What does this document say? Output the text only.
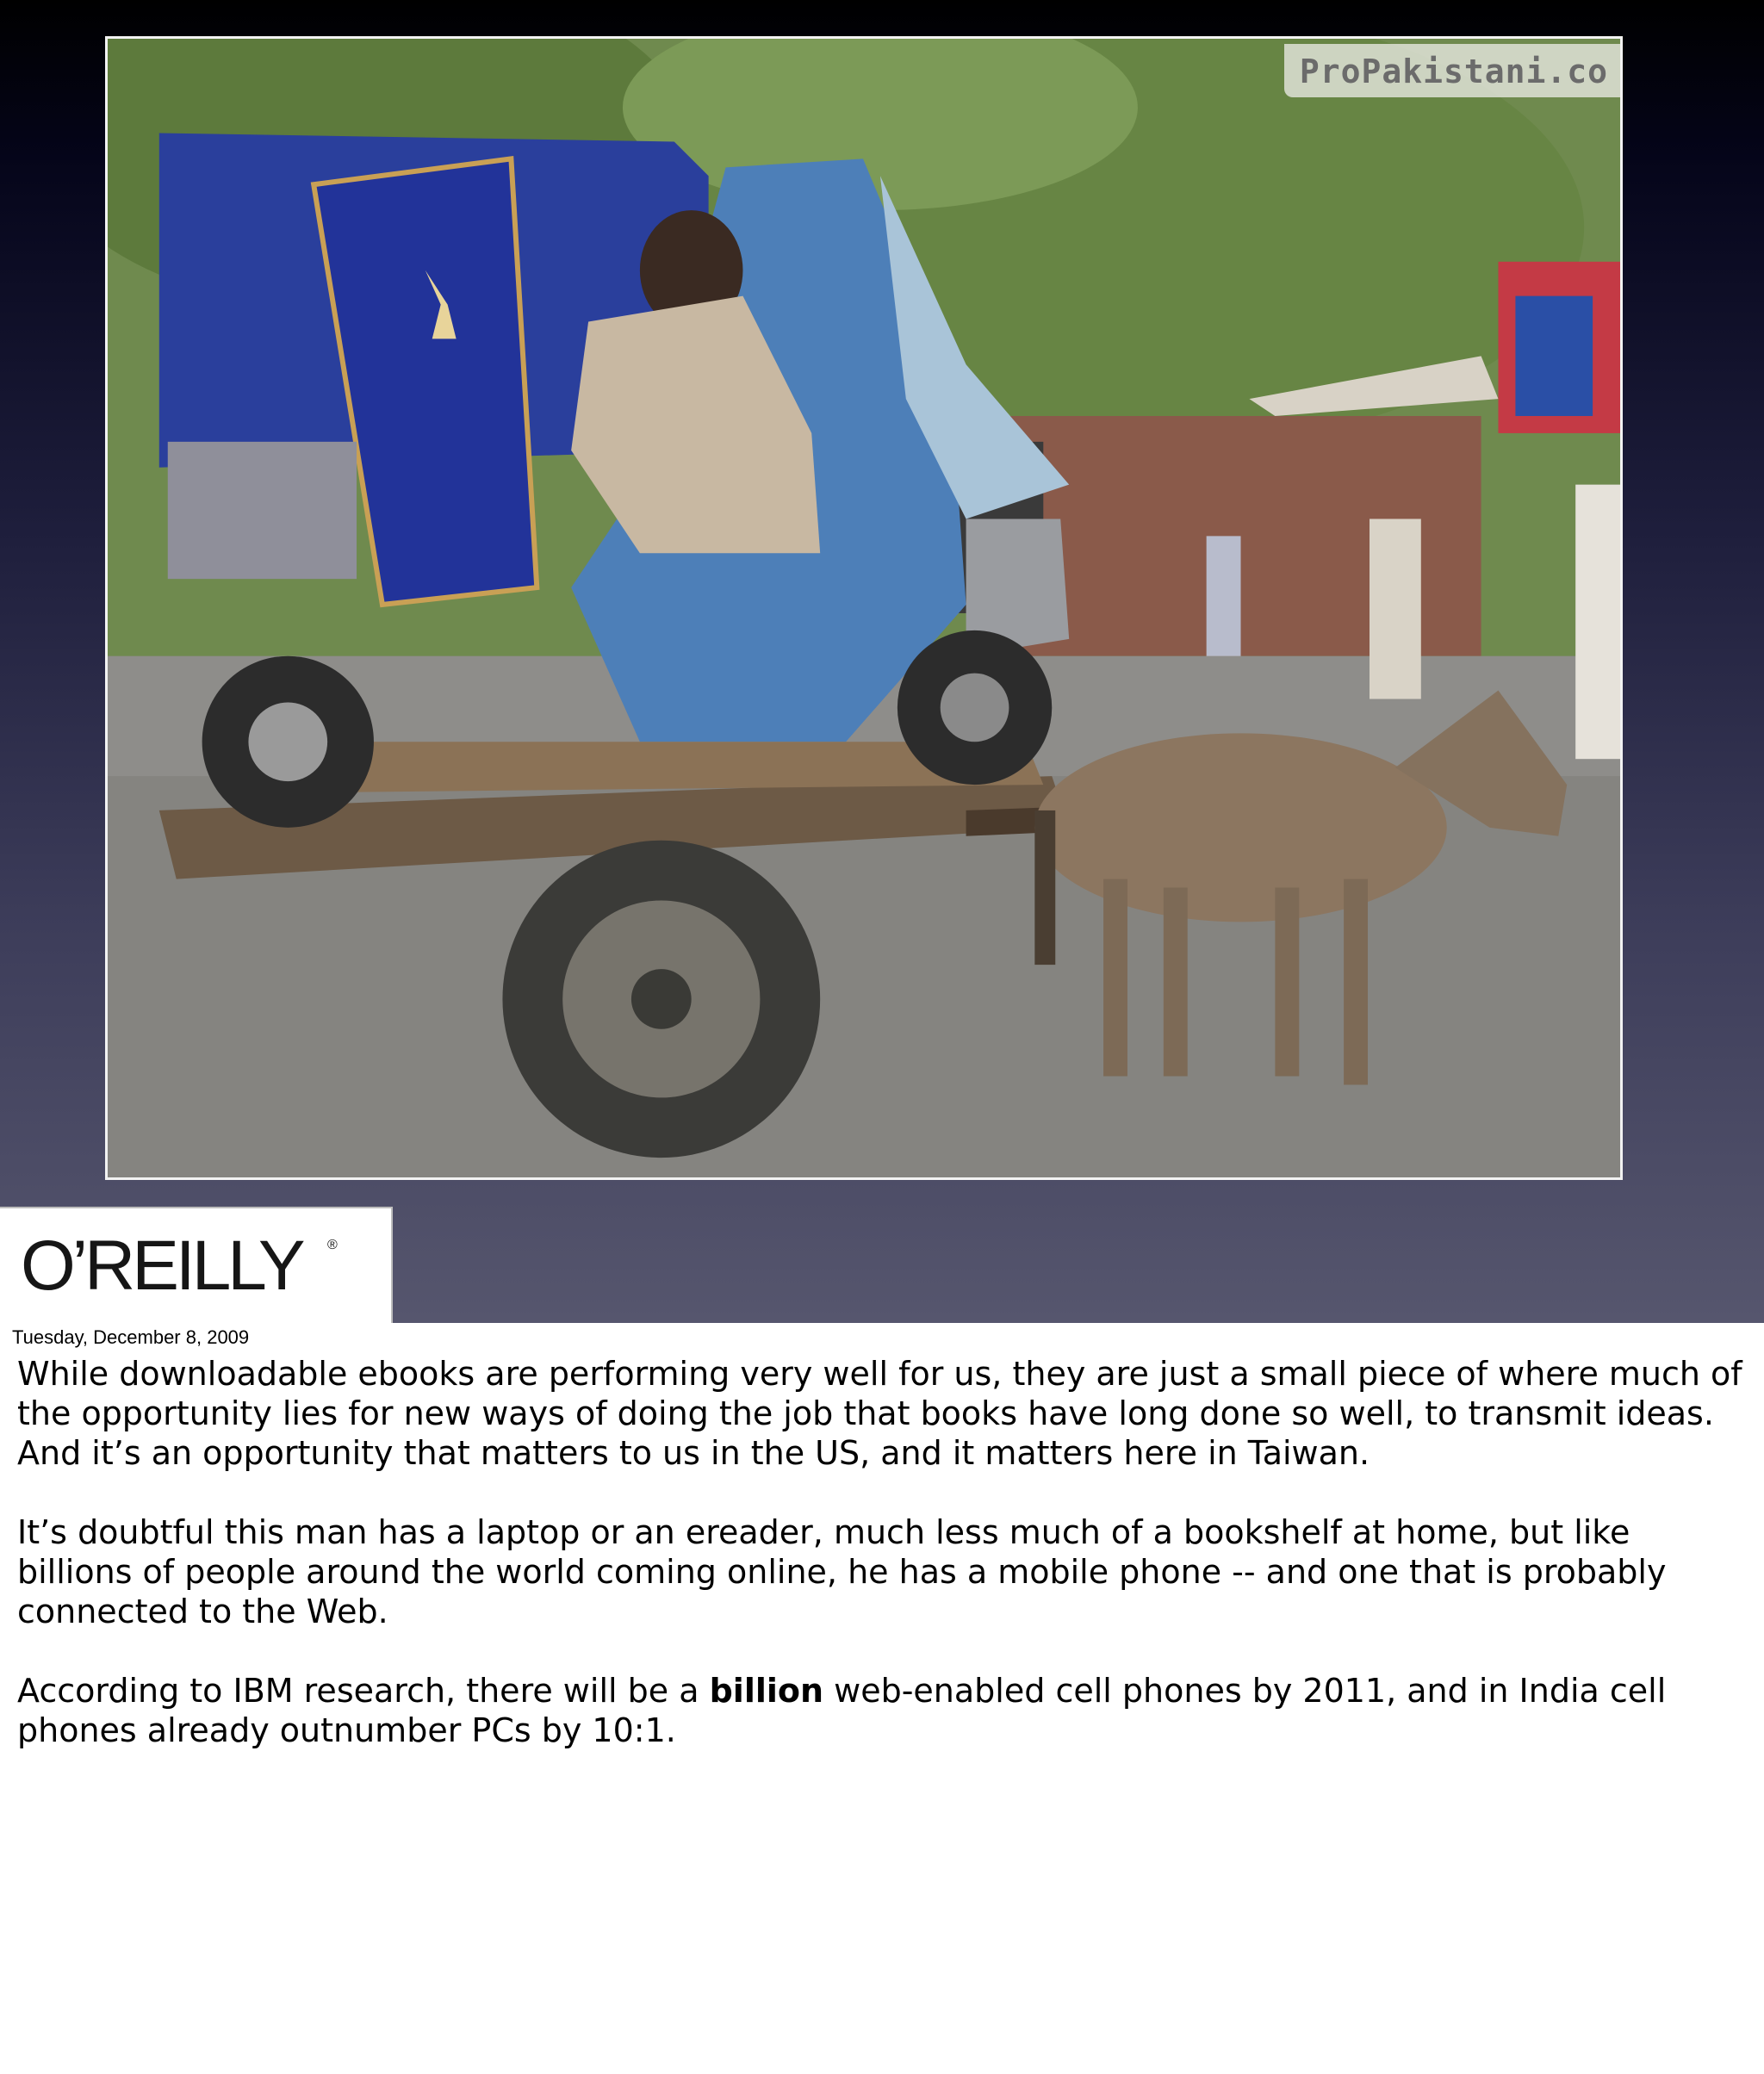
ProPakistani.co
O’REILLY ®
Tuesday, December 8, 2009

While downloadable ebooks are performing very well for us, they are just a small piece of where much of the opportunity lies for new ways of doing the job that books have long done so well, to transmit ideas. And it’s an opportunity that matters to us in the US, and it matters here in Taiwan.

It’s doubtful this man has a laptop or an ereader, much less much of a bookshelf at home, but like billions of people around the world coming online, he has a mobile phone -- and one that is probably connected to the Web.

According to IBM research, there will be a billion web-enabled cell phones by 2011, and in India cell phones already outnumber PCs by 10:1.
